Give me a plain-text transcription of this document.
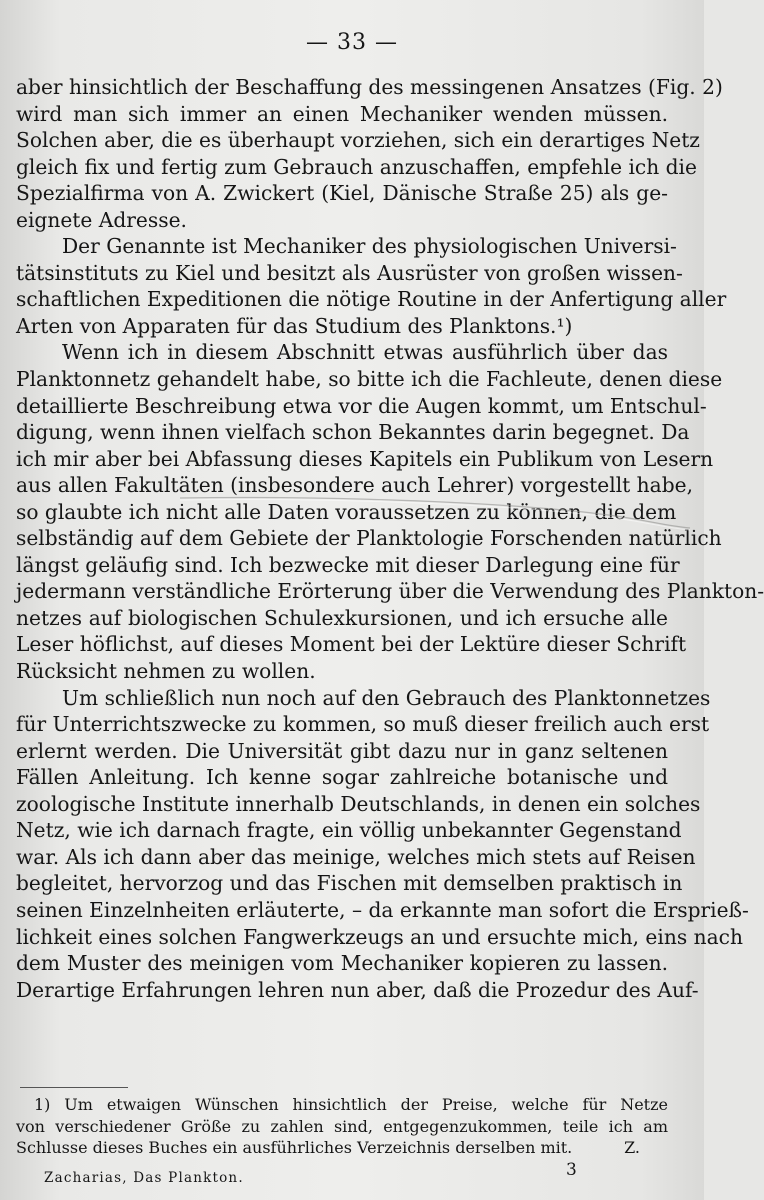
— 33 —

aber hinsichtlich der Beschaffung des messingenen Ansatzes (Fig. 2)
wird man sich immer an einen Mechaniker wenden müssen.
Solchen aber, die es überhaupt vorziehen, sich ein derartiges Netz
gleich fix und fertig zum Gebrauch anzuschaffen, empfehle ich die
Spezialfirma von A. Zwickert (Kiel, Dänische Straße 25) als ge-
eignete Adresse.

Der Genannte ist Mechaniker des physiologischen Universi-
tätsinstituts zu Kiel und besitzt als Ausrüster von großen wissen-
schaftlichen Expeditionen die nötige Routine in der Anfertigung aller
Arten von Apparaten für das Studium des Planktons.¹)

Wenn ich in diesem Abschnitt etwas ausführlich über das
Planktonnetz gehandelt habe, so bitte ich die Fachleute, denen diese
detaillierte Beschreibung etwa vor die Augen kommt, um Entschul-
digung, wenn ihnen vielfach schon Bekanntes darin begegnet. Da
ich mir aber bei Abfassung dieses Kapitels ein Publikum von Lesern
aus allen Fakultäten (insbesondere auch Lehrer) vorgestellt habe,
so glaubte ich nicht alle Daten voraussetzen zu können, die dem
selbständig auf dem Gebiete der Planktologie Forschenden natürlich
längst geläufig sind. Ich bezwecke mit dieser Darlegung eine für
jedermann verständliche Erörterung über die Verwendung des Plankton-
netzes auf biologischen Schulexkursionen, und ich ersuche alle
Leser höflichst, auf dieses Moment bei der Lektüre dieser Schrift
Rücksicht nehmen zu wollen.

Um schließlich nun noch auf den Gebrauch des Planktonnetzes
für Unterrichtszwecke zu kommen, so muß dieser freilich auch erst
erlernt werden. Die Universität gibt dazu nur in ganz seltenen
Fällen Anleitung. Ich kenne sogar zahlreiche botanische und
zoologische Institute innerhalb Deutschlands, in denen ein solches
Netz, wie ich darnach fragte, ein völlig unbekannter Gegenstand
war. Als ich dann aber das meinige, welches mich stets auf Reisen
begleitet, hervorzog und das Fischen mit demselben praktisch in
seinen Einzelnheiten erläuterte, – da erkannte man sofort die Ersprieß-
lichkeit eines solchen Fangwerkzeugs an und ersuchte mich, eins nach
dem Muster des meinigen vom Mechaniker kopieren zu lassen.
Derartige Erfahrungen lehren nun aber, daß die Prozedur des Auf-

1) Um etwaigen Wünschen hinsichtlich der Preise, welche für Netze
von verschiedener Größe zu zahlen sind, entgegenzukommen, teile ich am
Schlusse dieses Buches ein ausführliches Verzeichnis derselben mit.	Z.
Zacharias, Das Plankton.	3
